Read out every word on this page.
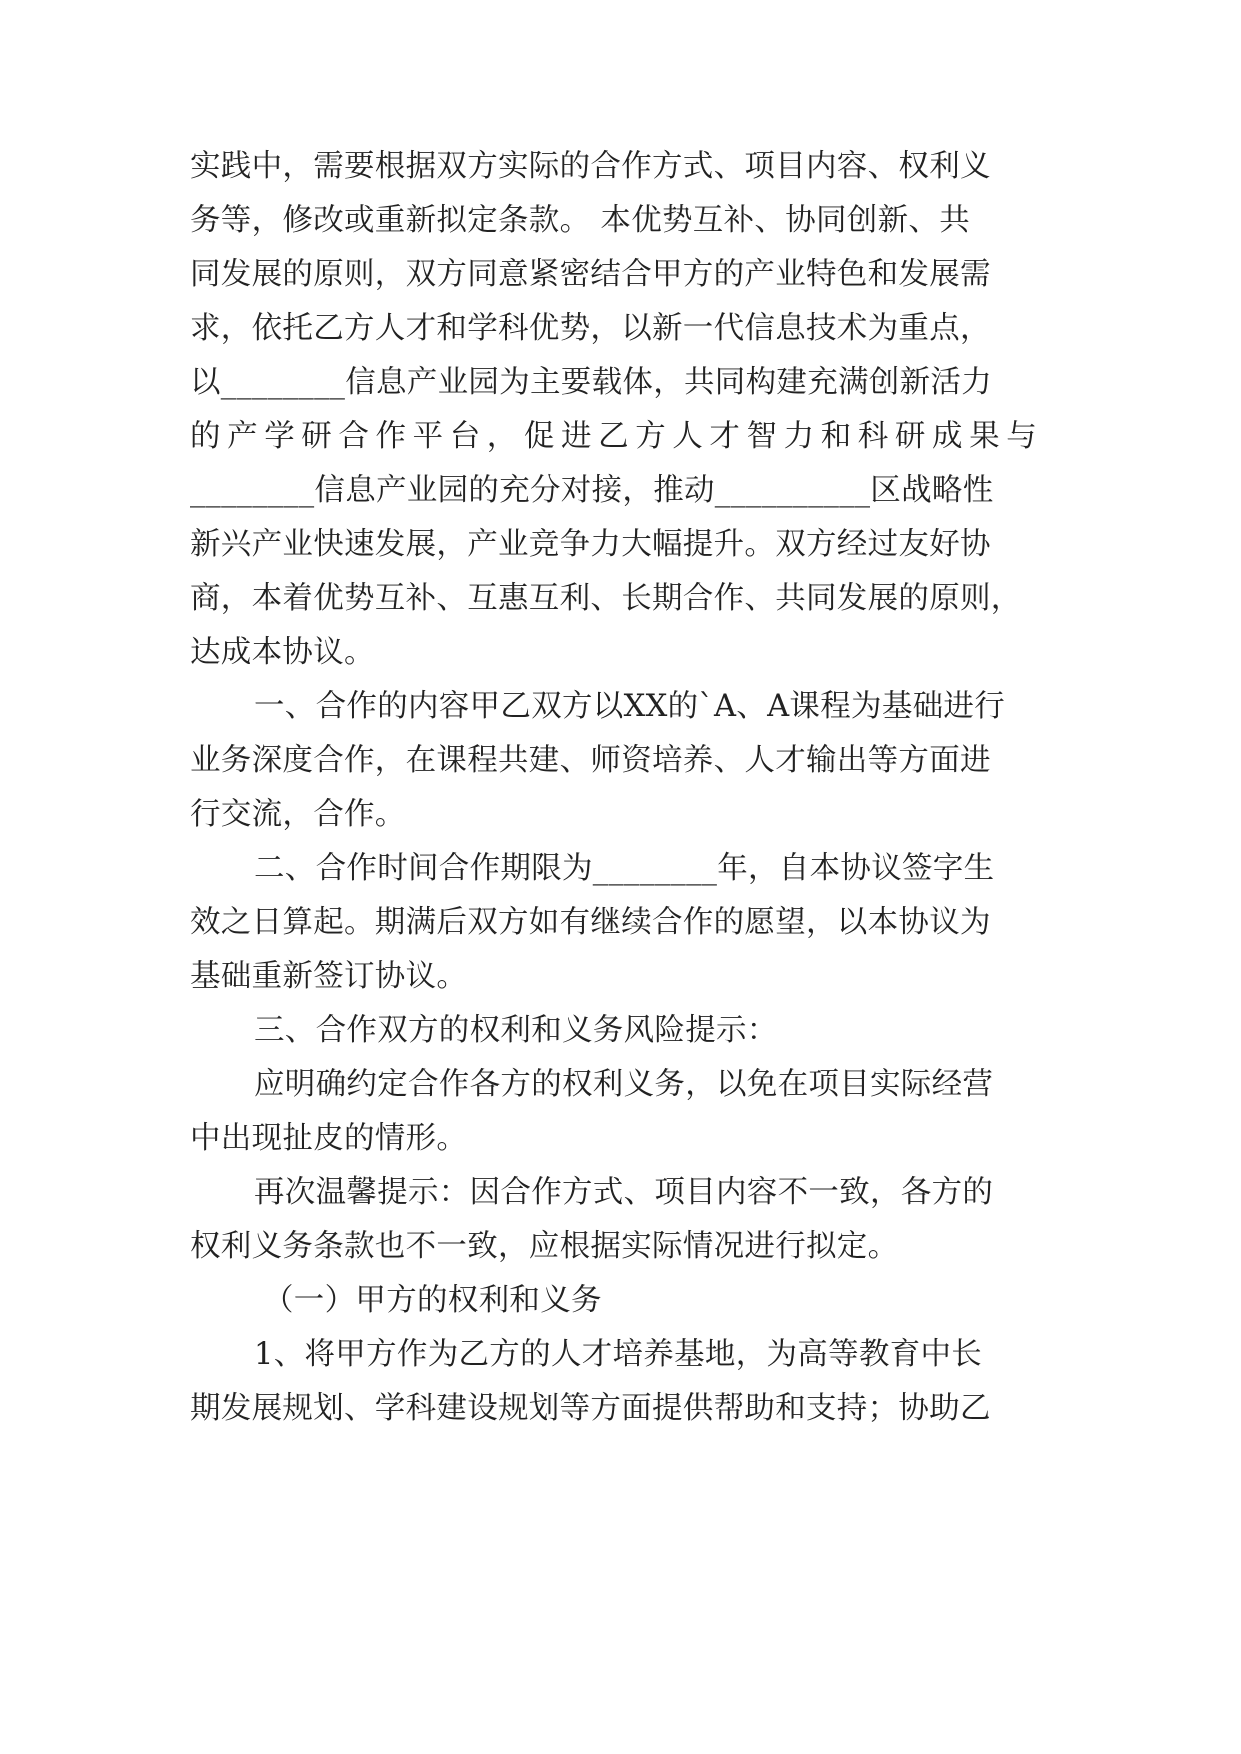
实践中，需要根据双方实际的合作方式、项目内容、权利义

务等，修改或重新拟定条款。 本优势互补、协同创新、共

同发展的原则，双方同意紧密结合甲方的产业特色和发展需

求，依托乙方人才和学科优势，以新一代信息技术为重点，

以________信息产业园为主要载体，共同构建充满创新活力

的产学研合作平台，促进乙方人才智力和科研成果与

________信息产业园的充分对接，推动__________区战略性

新兴产业快速发展，产业竞争力大幅提升。双方经过友好协

商，本着优势互补、互惠互利、长期合作、共同发展的原则，

达成本协议。

一、合作的内容甲乙双方以XX的`A、A课程为基础进行

业务深度合作，在课程共建、师资培养、人才输出等方面进

行交流，合作。

二、合作时间合作期限为________年，自本协议签字生

效之日算起。期满后双方如有继续合作的愿望，以本协议为

基础重新签订协议。

三、合作双方的权利和义务风险提示：

应明确约定合作各方的权利义务，以免在项目实际经营

中出现扯皮的情形。

再次温馨提示：因合作方式、项目内容不一致，各方的

权利义务条款也不一致，应根据实际情况进行拟定。

（一）甲方的权利和义务

1、将甲方作为乙方的人才培养基地，为高等教育中长

期发展规划、学科建设规划等方面提供帮助和支持；协助乙
